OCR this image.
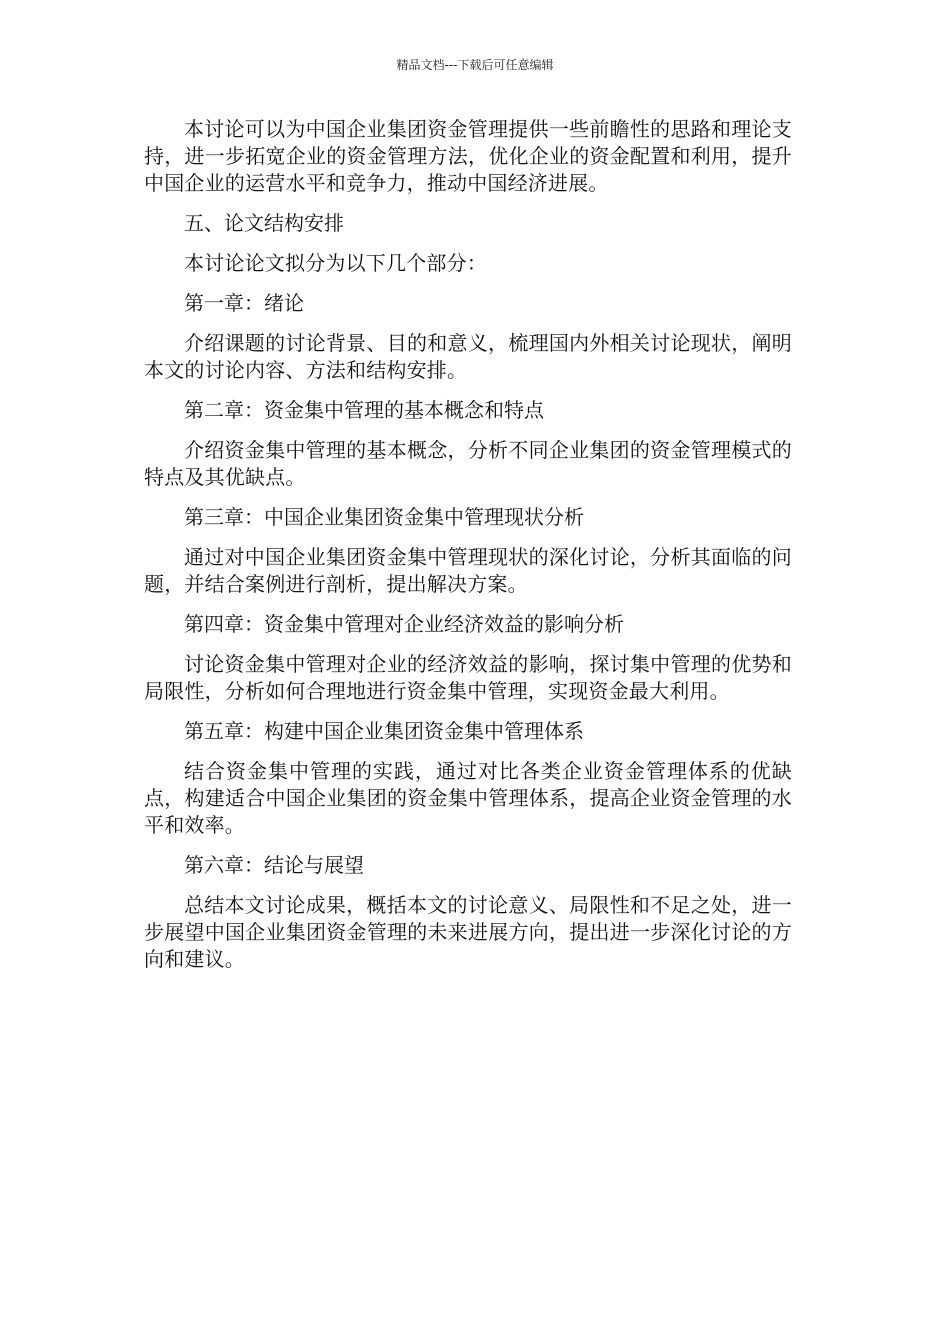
精品文档---下载后可任意编辑

本讨论可以为中国企业集团资金管理提供一些前瞻性的思路和理论支持，进一步拓宽企业的资金管理方法，优化企业的资金配置和利用，提升中国企业的运营水平和竞争力，推动中国经济进展。

五、论文结构安排

本讨论论文拟分为以下几个部分：

第一章：绪论

介绍课题的讨论背景、目的和意义，梳理国内外相关讨论现状，阐明本文的讨论内容、方法和结构安排。

第二章：资金集中管理的基本概念和特点

介绍资金集中管理的基本概念，分析不同企业集团的资金管理模式的特点及其优缺点。

第三章：中国企业集团资金集中管理现状分析

通过对中国企业集团资金集中管理现状的深化讨论，分析其面临的问题，并结合案例进行剖析，提出解决方案。

第四章：资金集中管理对企业经济效益的影响分析

讨论资金集中管理对企业的经济效益的影响，探讨集中管理的优势和局限性，分析如何合理地进行资金集中管理，实现资金最大利用。

第五章：构建中国企业集团资金集中管理体系

结合资金集中管理的实践，通过对比各类企业资金管理体系的优缺点，构建适合中国企业集团的资金集中管理体系，提高企业资金管理的水平和效率。

第六章：结论与展望

总结本文讨论成果，概括本文的讨论意义、局限性和不足之处，进一步展望中国企业集团资金管理的未来进展方向，提出进一步深化讨论的方向和建议。
